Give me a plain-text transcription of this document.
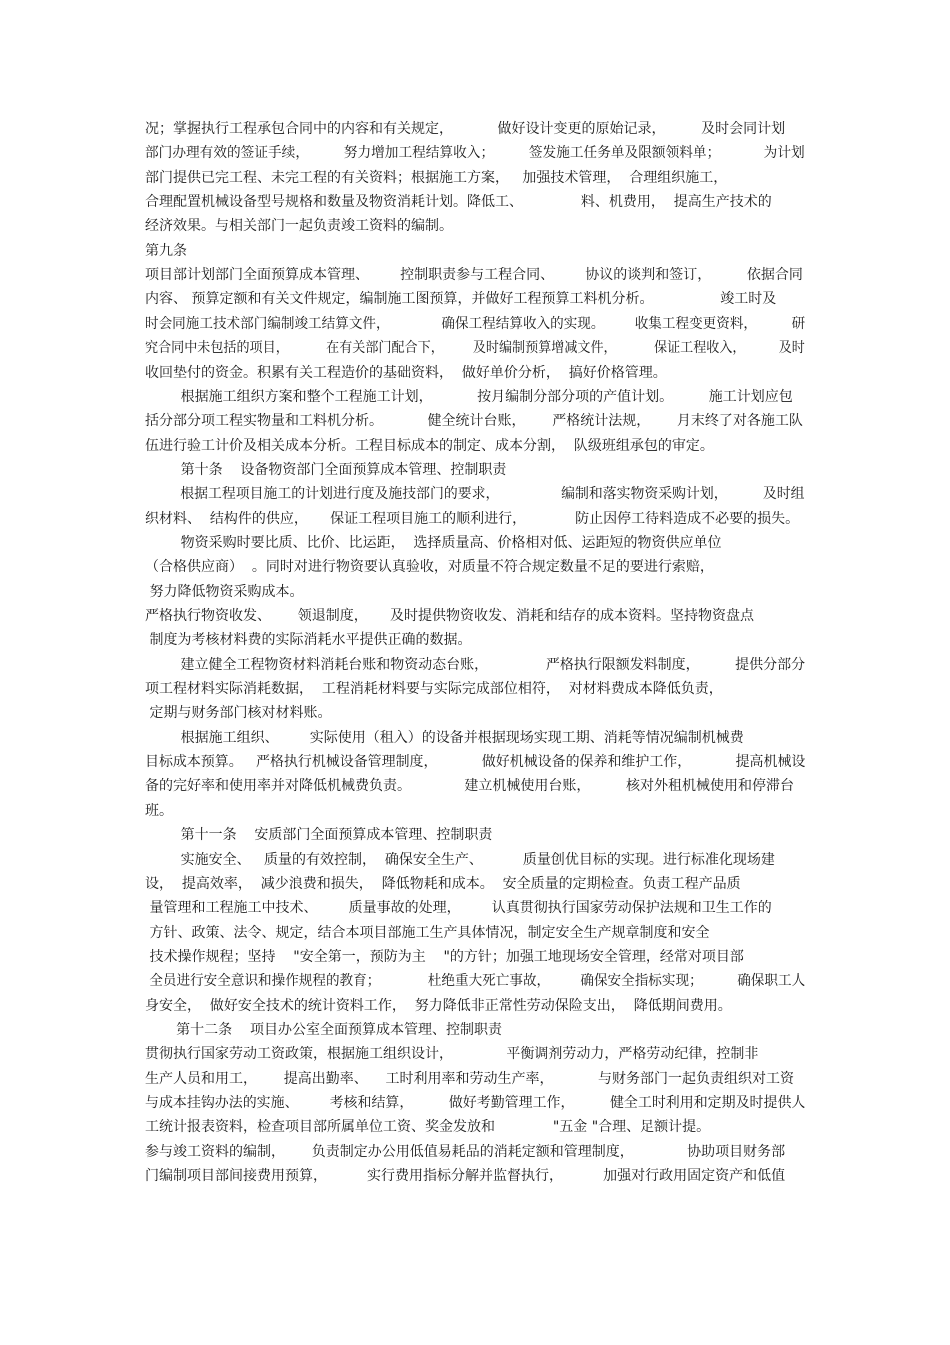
况；掌握执行工程承包合同中的内容和有关规定，          做好设计变更的原始记录，        及时会同计划
部门办理有效的签证手续，        努力增加工程结算收入；        签发施工任务单及限额领料单；          为计划
部门提供已完工程、未完工程的有关资料；根据施工方案，   加强技术管理，  合理组织施工，
合理配置机械设备型号规格和数量及物资消耗计划。降低工、             料、机费用，  提高生产技术的
经济效果。与相关部门一起负责竣工资料的编制。
第九条
项目部计划部门全面预算成本管理、       控制职责参与工程合同、       协议的谈判和签订，        依据合同
内容、 预算定额和有关文件规定，编制施工图预算，并做好工程预算工料机分析。               竣工时及
时会同施工技术部门编制竣工结算文件，            确保工程结算收入的实现。       收集工程变更资料，        研
究合同中未包括的项目，         在有关部门配合下，       及时编制预算增减文件，         保证工程收入，        及时
收回垫付的资金。积累有关工程造价的基础资料，  做好单价分析，  搞好价格管理。
根据施工组织方案和整个工程施工计划，          按月编制分部分项的产值计划。        施工计划应包
括分部分项工程实物量和工料机分析。          健全统计台账，      严格统计法规，      月末终了对各施工队
伍进行验工计价及相关成本分析。工程目标成本的制定、成本分割，  队级班组承包的审定。
第十条    设备物资部门全面预算成本管理、控制职责
根据工程项目施工的计划进行度及施技部门的要求，              编制和落实物资采购计划，        及时组
织材料、  结构件的供应，     保证工程项目施工的顺利进行，           防止因停工待料造成不必要的损失。
物资采购时要比质、比价、比运距，  选择质量高、价格相对低、运距短的物资供应单位
（合格供应商）  。同时对进行物资要认真验收，对质量不符合规定数量不足的要进行索赔，
努力降低物资采购成本。
严格执行物资收发、      领退制度，     及时提供物资收发、消耗和结存的成本资料。坚持物资盘点
制度为考核材料费的实际消耗水平提供正确的数据。
建立健全工程物资材料消耗台账和物资动态台账，             严格执行限额发料制度，        提供分部分
项工程材料实际消耗数据，  工程消耗材料要与实际完成部位相符，  对材料费成本降低负责，
定期与财务部门核对材料账。
根据施工组织、       实际使用（租入）的设备并根据现场实现工期、消耗等情况编制机械费
目标成本预算。   严格执行机械设备管理制度，          做好机械设备的保养和维护工作，          提高机械设
备的完好率和使用率并对降低机械费负责。            建立机械使用台账，        核对外租机械使用和停滞台
班。
第十一条    安质部门全面预算成本管理、控制职责
实施安全、   质量的有效控制，  确保安全生产、         质量创优目标的实现。进行标准化现场建
设，  提高效率，  减少浪费和损失，  降低物耗和成本。  安全质量的定期检查。负责工程产品质
量管理和工程施工中技术、       质量事故的处理，       认真贯彻执行国家劳动保护法规和卫生工作的
方针、政策、法令、规定，结合本项目部施工生产具体情况，制定安全生产规章制度和安全
技术操作规程；坚持    "安全第一，预防为主    "的方针；加强工地现场安全管理，经常对项目部
全员进行安全意识和操作规程的教育；           杜绝重大死亡事故，       确保安全指标实现；        确保职工人
身安全，  做好安全技术的统计资料工作，  努力降低非正常性劳动保险支出，  降低期间费用。
第十二条    项目办公室全面预算成本管理、控制职责
贯彻执行国家劳动工资政策，根据施工组织设计，            平衡调剂劳动力，严格劳动纪律，控制非
生产人员和用工，      提高出勤率、    工时利用率和劳动生产率，          与财务部门一起负责组织对工资
与成本挂钩办法的实施、       考核和结算，        做好考勤管理工作，        健全工时利用和定期及时提供人
工统计报表资料，检查项目部所属单位工资、奖金发放和             "五金 "合理、足额计提。
参与竣工资料的编制，      负责制定办公用低值易耗品的消耗定额和管理制度，            协助项目财务部
门编制项目部间接费用预算，         实行费用指标分解并监督执行，         加强对行政用固定资产和低值
